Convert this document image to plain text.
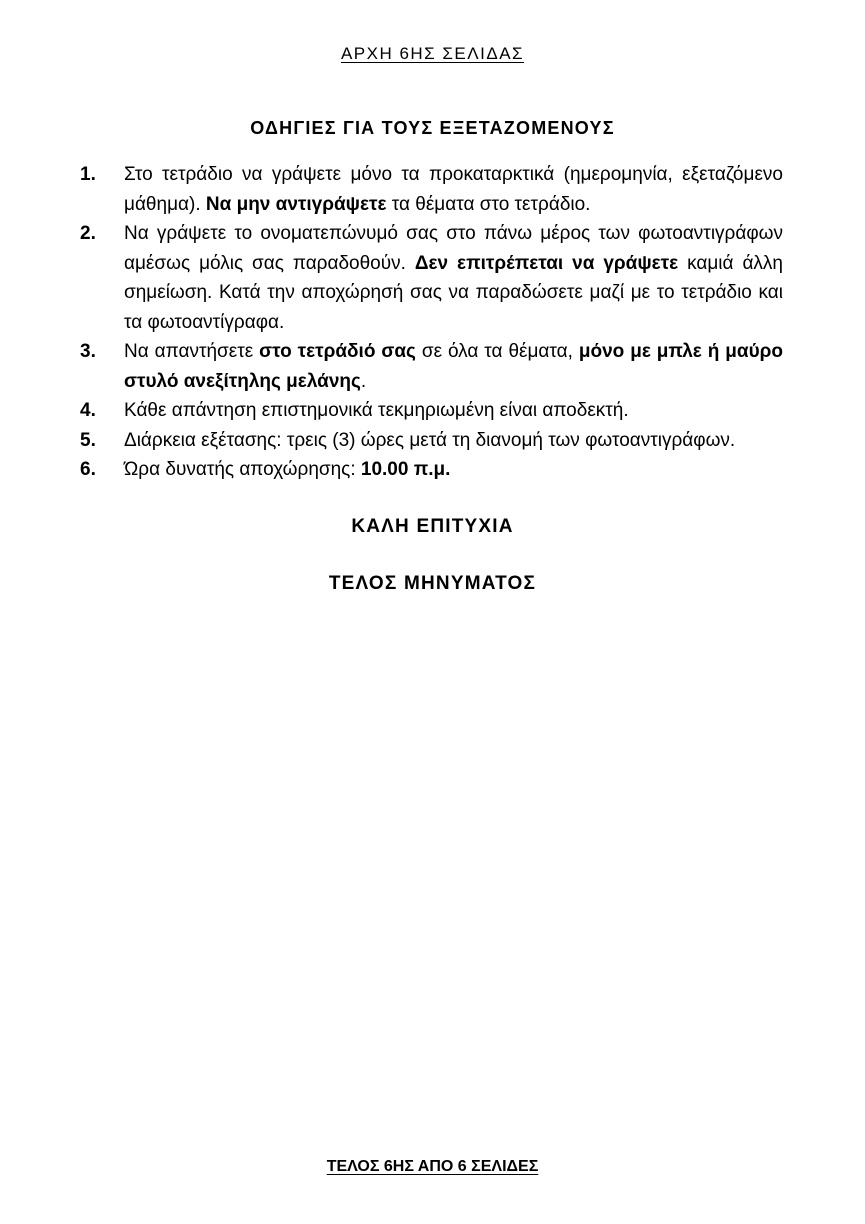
ΑΡΧΗ 6ΗΣ ΣΕΛΙΔΑΣ
ΟΔΗΓΙΕΣ ΓΙΑ ΤΟΥΣ ΕΞΕΤΑΖΟΜΕΝΟΥΣ
1.	Στο τετράδιο να γράψετε μόνο τα προκαταρκτικά (ημερομηνία, εξεταζόμενο μάθημα). Να μην αντιγράψετε τα θέματα στο τετράδιο.
2.	Να γράψετε το ονοματεπώνυμό σας στο πάνω μέρος των φωτοαντιγράφων αμέσως μόλις σας παραδοθούν. Δεν επιτρέπεται να γράψετε καμιά άλλη σημείωση. Κατά την αποχώρησή σας να παραδώσετε μαζί με το τετράδιο και τα φωτοαντίγραφα.
3.	Να απαντήσετε στο τετράδιό σας σε όλα τα θέματα, μόνο με μπλε ή μαύρο στυλό ανεξίτηλης μελάνης.
4.	Κάθε απάντηση επιστημονικά τεκμηριωμένη είναι αποδεκτή.
5.	Διάρκεια εξέτασης: τρεις (3) ώρες μετά τη διανομή των φωτοαντιγράφων.
6.	Ώρα δυνατής αποχώρησης: 10.00 π.μ.
ΚΑΛΗ ΕΠΙΤΥΧΙΑ
ΤΕΛΟΣ ΜΗΝΥΜΑΤΟΣ
ΤΕΛΟΣ 6ΗΣ ΑΠΟ 6 ΣΕΛΙΔΕΣ
